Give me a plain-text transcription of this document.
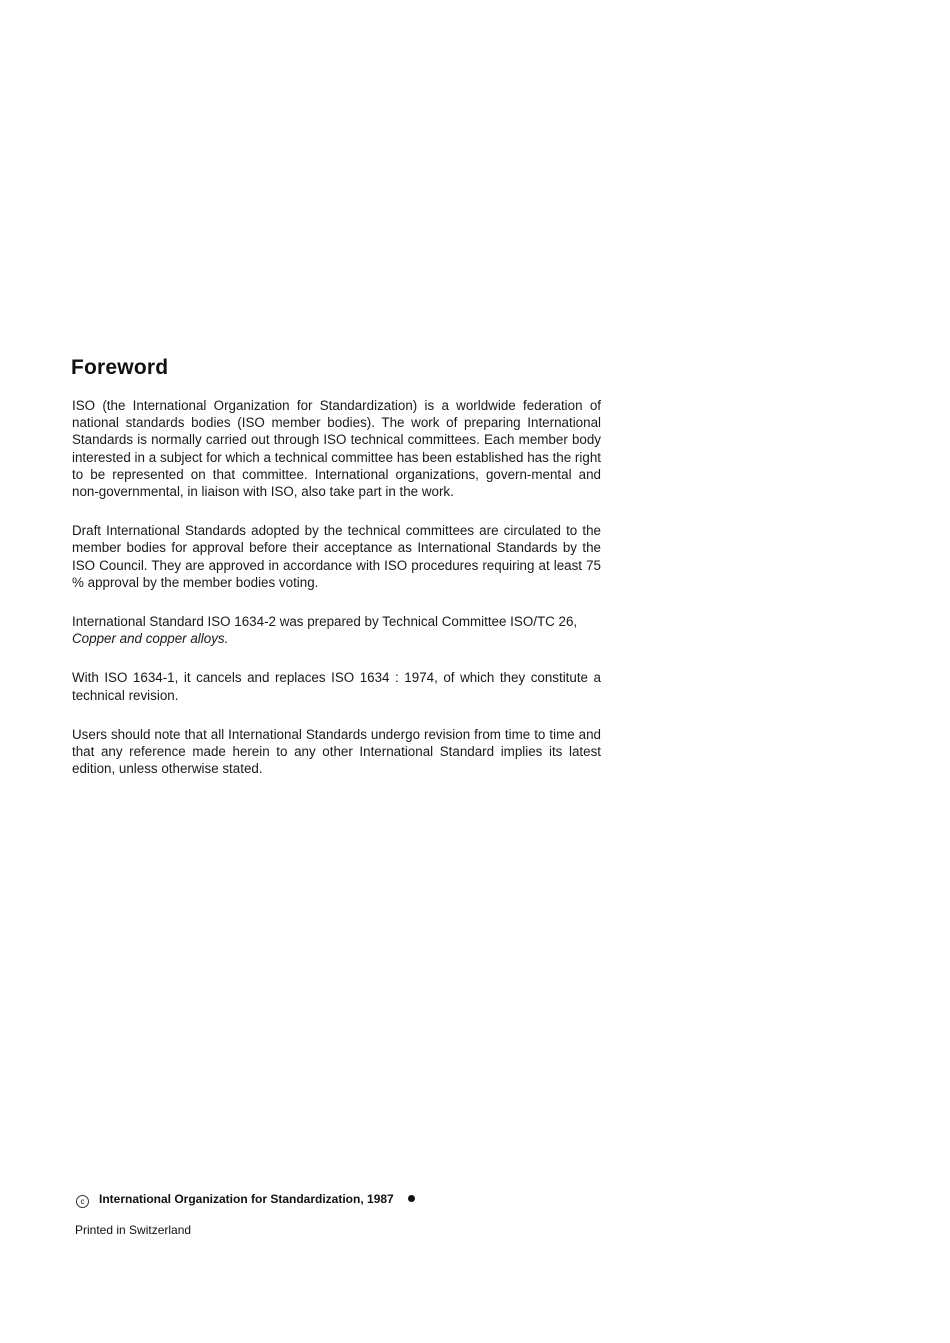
Foreword

ISO (the International Organization for Standardization) is a worldwide federation of national standards bodies (ISO member bodies). The work of preparing International Standards is normally carried out through ISO technical committees. Each member body interested in a subject for which a technical committee has been established has the right to be represented on that committee. International organizations, govern-mental and non-governmental, in liaison with ISO, also take part in the work.

Draft International Standards adopted by the technical committees are circulated to the member bodies for approval before their acceptance as International Standards by the ISO Council. They are approved in accordance with ISO procedures requiring at least 75 % approval by the member bodies voting.

International Standard ISO 1634-2 was prepared by Technical Committee ISO/TC 26,
Copper and copper alloys.

With ISO 1634-1, it cancels and replaces ISO 1634 : 1974, of which they constitute a technical revision.

Users should note that all International Standards undergo revision from time to time and that any reference made herein to any other International Standard implies its latest edition, unless otherwise stated.

c International Organization for Standardization, 1987
Printed in Switzerland
